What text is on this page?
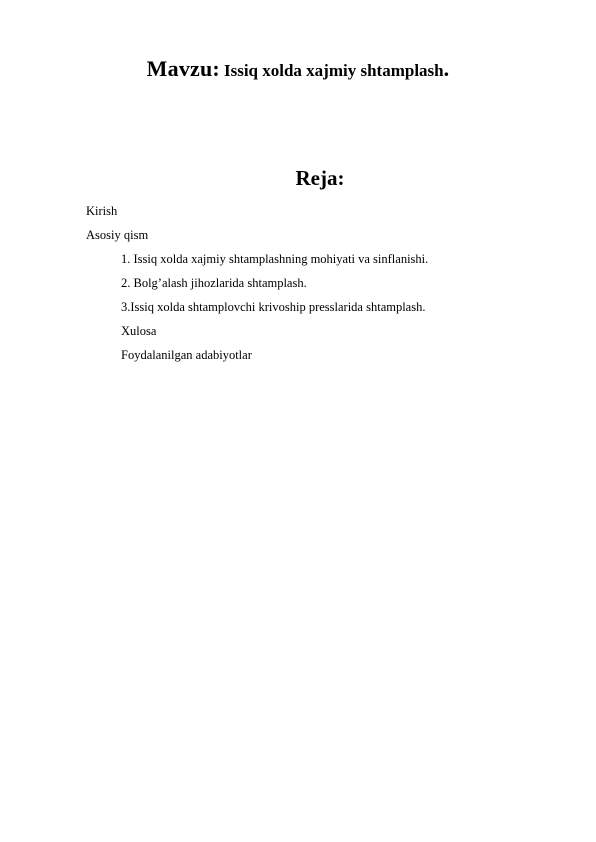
Mavzu: Issiq xolda xajmiy shtamplash.
Reja:
Kirish
Asosiy qism
1. Issiq xolda xajmiy shtamplashning mohiyati va sinflanishi.
2. Bolg’alash jihozlarida shtamplash.
3.Issiq xolda shtamplovchi krivoship presslarida shtamplash.
Xulosa
Foydalanilgan adabiyotlar
